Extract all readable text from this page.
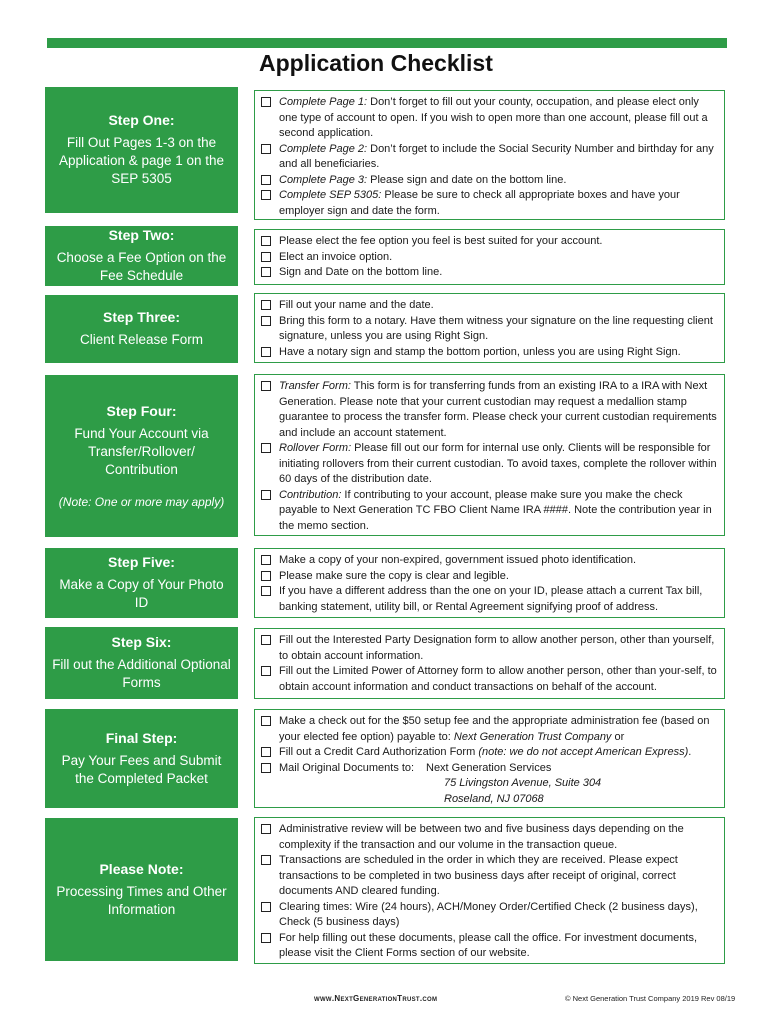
Application Checklist
Step One:
Fill Out Pages 1-3 on the Application & page 1 on the SEP 5305
Step Two:
Choose a Fee Option on the Fee Schedule
Step Three:
Client Release Form
Step Four:
Fund Your Account via Transfer/Rollover/ Contribution
(Note: One or more may apply)
Step Five:
Make a Copy of Your Photo ID
Step Six:
Fill out the Additional Optional Forms
Final Step:
Pay Your Fees and Submit the Completed Packet
Please Note:
Processing Times and Other Information
Complete Page 1: Don’t forget to fill out your county, occupation, and please elect only one type of account to open. If you wish to open more than one account, please fill out a second application.
Complete Page 2: Don’t forget to include the Social Security Number and birthday for any and all beneficiaries.
Complete Page 3: Please sign and date on the bottom line.
Complete SEP 5305: Please be sure to check all appropriate boxes and have your employer sign and date the form.
Please elect the fee option you feel is best suited for your account.
Elect an invoice option.
Sign and Date on the bottom line.
Fill out your name and the date.
Bring this form to a notary. Have them witness your signature on the line requesting client signature, unless you are using Right Sign.
Have a notary sign and stamp the bottom portion, unless you are using Right Sign.
Transfer Form: This form is for transferring funds from an existing IRA to a IRA with Next Generation. Please note that your current custodian may request a medallion stamp guarantee to process the transfer form. Please check your current custodian requirements and include an account statement.
Rollover Form: Please fill out our form for internal use only. Clients will be responsible for initiating rollovers from their current custodian. To avoid taxes, complete the rollover within 60 days of the distribution date.
Contribution: If contributing to your account, please make sure you make the check payable to Next Generation TC FBO Client Name IRA ####. Note the contribution year in the memo section.
Make a copy of your non-expired, government issued photo identification.
Please make sure the copy is clear and legible.
If you have a different address than the one on your ID, please attach a current Tax bill, banking statement, utility bill, or Rental Agreement signifying proof of address.
Fill out the Interested Party Designation form to allow another person, other than yourself, to obtain account information.
Fill out the Limited Power of Attorney form to allow another person, other than your-self, to obtain account information and conduct transactions on behalf of the account.
Make a check out for the $50 setup fee and the appropriate administration fee (based on your elected fee option) payable to: Next Generation Trust Company or
Fill out a Credit Card Authorization Form (note: we do not accept American Express).
Mail Original Documents to:	Next Generation Services
75 Livingston Avenue, Suite 304
Roseland, NJ 07068
Administrative review will be between two and five business days depending on the complexity if the transaction and our volume in the transaction queue.
Transactions are scheduled in the order in which they are received. Please expect transactions to be completed in two business days after receipt of original, correct documents AND cleared funding.
Clearing times: Wire (24 hours), ACH/Money Order/Certified Check (2 business days), Check (5 business days)
For help filling out these documents, please call the office. For investment documents, please visit the Client Forms section of our website.
www.NextGenerationTrust.com	© Next Generation Trust Company 2019 Rev 08/19
